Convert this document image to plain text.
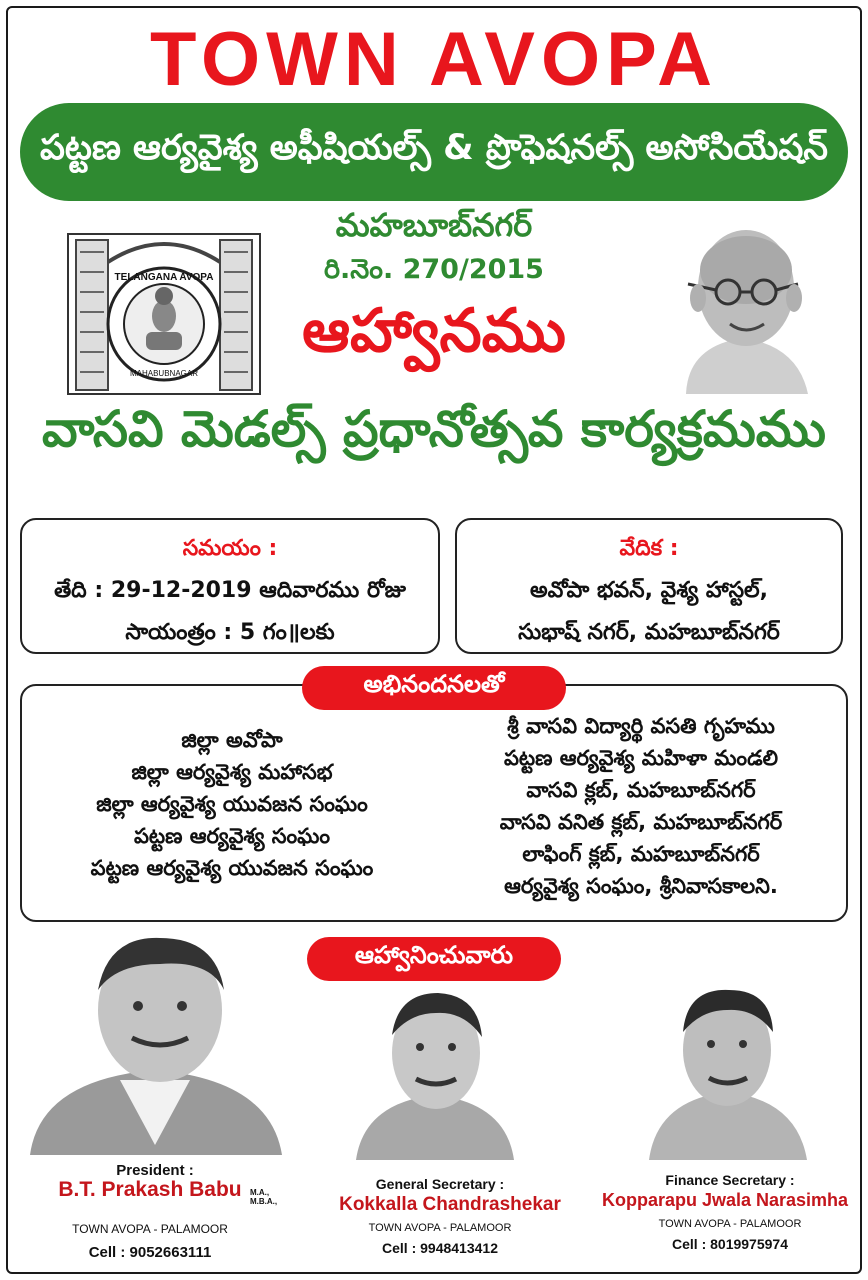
TOWN AVOPA
పట్టణ ఆర్యవైశ్య అఫీషియల్స్ & ప్రొఫెషనల్స్ అసోసియేషన్
TELANGANA AVOPA
MAHABUBNAGAR
మహబూబ్‌నగర్
రి.నెం. 270/2015
ఆహ్వానము
వాసవి మెడల్స్ ప్రధానోత్సవ కార్యక్రమము
సమయం :
తేది : 29-12-2019 ఆదివారము రోజు
సాయంత్రం : 5 గం॥లకు
వేదిక :
అవోపా భవన్, వైశ్య హాస్టల్,
సుభాష్ నగర్, మహబూబ్‌నగర్
జిల్లా అవోపా
జిల్లా ఆర్యవైశ్య మహాసభ
జిల్లా ఆర్యవైశ్య యువజన సంఘం
పట్టణ ఆర్యవైశ్య సంఘం
పట్టణ ఆర్యవైశ్య యువజన సంఘం
శ్రీ వాసవి విద్యార్థి వసతి గృహము
పట్టణ ఆర్యవైశ్య మహిళా మండలి
వాసవి క్లబ్, మహబూబ్‌నగర్
వాసవి వనిత క్లబ్, మహబూబ్‌నగర్
లాఫింగ్ క్లబ్, మహబూబ్‌నగర్
ఆర్యవైశ్య సంఘం, శ్రీనివాసకాలని.
అభినందనలతో
ఆహ్వానించువారు
President :
B.T. Prakash Babu	M.A., M.B.A.,
TOWN AVOPA - PALAMOOR
Cell : 9052663111
General Secretary :
Kokkalla Chandrashekar
TOWN AVOPA - PALAMOOR
Cell : 9948413412
Finance Secretary :
Kopparapu Jwala Narasimha
TOWN AVOPA - PALAMOOR
Cell : 8019975974
